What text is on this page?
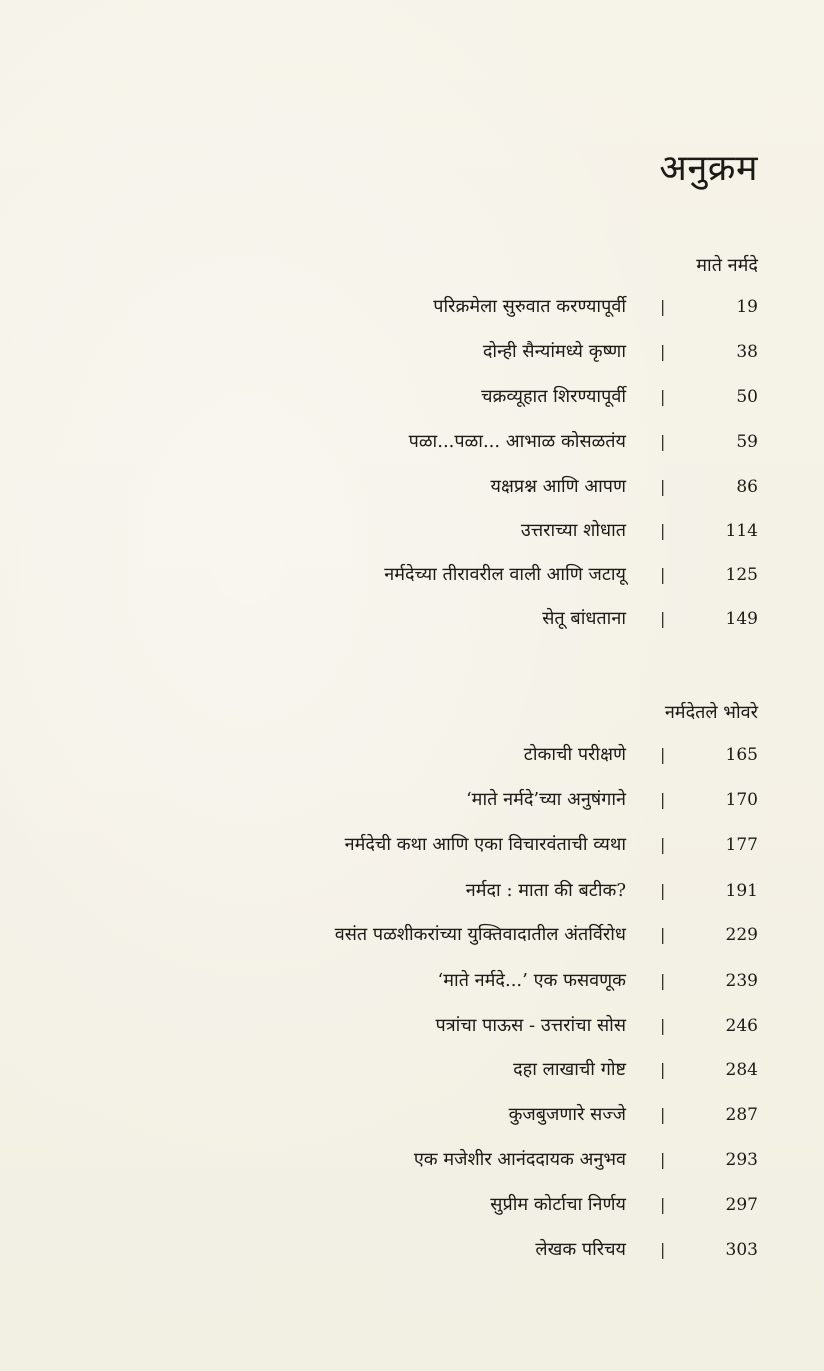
अनुक्रम
माते नर्मदे
परिक्रमेला सुरुवात करण्यापूर्वी |	19
दोन्ही सैन्यांमध्ये कृष्णा |	38
चक्रव्यूहात शिरण्यापूर्वी |	50
पळा...पळा... आभाळ कोसळतंय |	59
यक्षप्रश्न आणि आपण |	86
उत्तराच्या शोधात |	114
नर्मदेच्या तीरावरील वाली आणि जटायू |	125
सेतू बांधताना |	149
नर्मदेतले भोवरे
टोकाची परीक्षणे |	165
‘माते नर्मदे’च्या अनुषंगाने |	170
नर्मदेची कथा आणि एका विचारवंताची व्यथा |	177
नर्मदा : माता की बटीक? |	191
वसंत पळशीकरांच्या युक्तिवादातील अंतर्विरोध |	229
‘माते नर्मदे...’ एक फसवणूक |	239
पत्रांचा पाऊस - उत्तरांचा सोस |	246
दहा लाखाची गोष्ट |	284
कुजबुजणारे सज्जे |	287
एक मजेशीर आनंददायक अनुभव |	293
सुप्रीम कोर्टाचा निर्णय |	297
लेखक परिचय |	303
